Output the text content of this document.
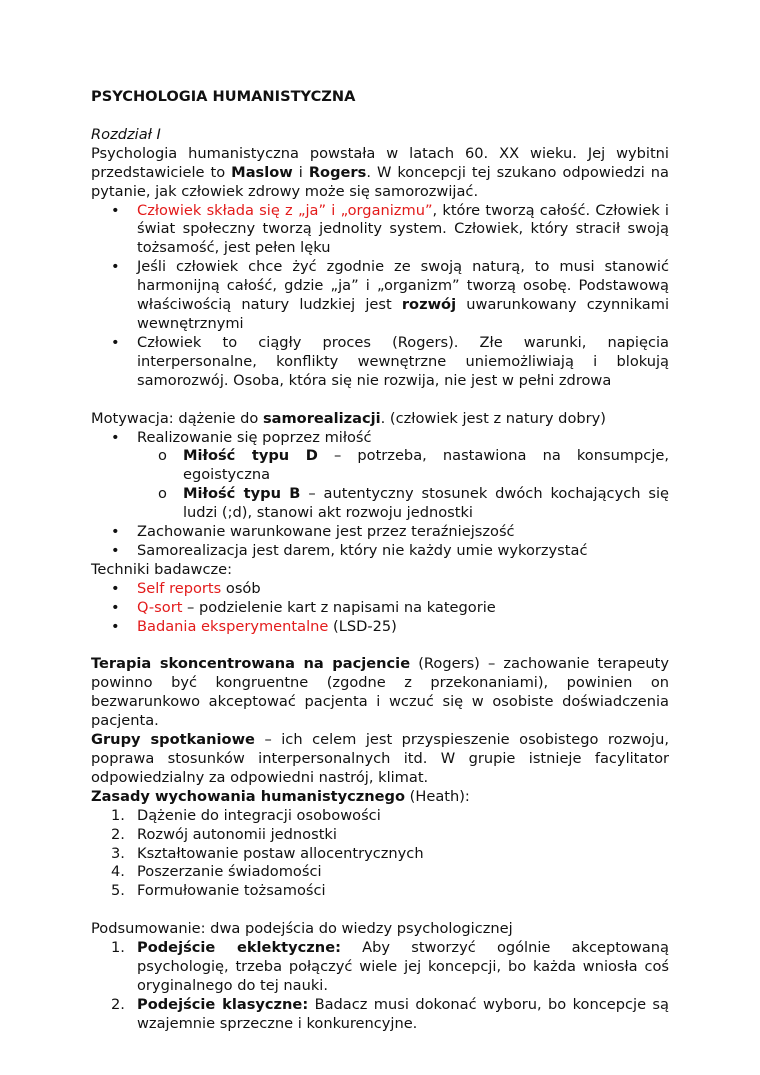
PSYCHOLOGIA HUMANISTYCZNA

Rozdział I

Psychologia humanistyczna powstała w latach 60. XX wieku. Jej wybitni przedstawiciele to Maslow i Rogers. W koncepcji tej szukano odpowiedzi na pytanie, jak człowiek zdrowy może się samorozwijać.

• Człowiek składa się z „ja” i „organizmu”, które tworzą całość. Człowiek i świat społeczny tworzą jednolity system. Człowiek, który stracił swoją tożsamość, jest pełen lęku
• Jeśli człowiek chce żyć zgodnie ze swoją naturą, to musi stanowić harmonijną całość, gdzie „ja” i „organizm” tworzą osobę. Podstawową właściwością natury ludzkiej jest rozwój uwarunkowany czynnikami wewnętrznymi
• Człowiek to ciągły proces (Rogers). Złe warunki, napięcia interpersonalne, konflikty wewnętrzne uniemożliwiają i blokują samorozwój. Osoba, która się nie rozwija, nie jest w pełni zdrowa

Motywacja: dążenie do samorealizacji. (człowiek jest z natury dobry)

• Realizowanie się poprzez miłość
o Miłość typu D – potrzeba, nastawiona na konsumpcje, egoistyczna
o Miłość typu B – autentyczny stosunek dwóch kochających się ludzi (;d), stanowi akt rozwoju jednostki
• Zachowanie warunkowane jest przez teraźniejszość
• Samorealizacja jest darem, który nie każdy umie wykorzystać

Techniki badawcze:

• Self reports osób
• Q-sort – podzielenie kart z napisami na kategorie
• Badania eksperymentalne (LSD-25)

Terapia skoncentrowana na pacjencie (Rogers) – zachowanie terapeuty powinno być kongruentne (zgodne z przekonaniami), powinien on bezwarunkowo akceptować pacjenta i wczuć się w osobiste doświadczenia pacjenta.

Grupy spotkaniowe – ich celem jest przyspieszenie osobistego rozwoju, poprawa stosunków interpersonalnych itd. W grupie istnieje facylitator odpowiedzialny za odpowiedni nastrój, klimat.

Zasady wychowania humanistycznego (Heath):

1. Dążenie do integracji osobowości
2. Rozwój autonomii jednostki
3. Kształtowanie postaw allocentrycznych
4. Poszerzanie świadomości
5. Formułowanie tożsamości

Podsumowanie: dwa podejścia do wiedzy psychologicznej

1. Podejście eklektyczne: Aby stworzyć ogólnie akceptowaną psychologię, trzeba połączyć wiele jej koncepcji, bo każda wniosła coś oryginalnego do tej nauki.
2. Podejście klasyczne: Badacz musi dokonać wyboru, bo koncepcje są wzajemnie sprzeczne i konkurencyjne.
